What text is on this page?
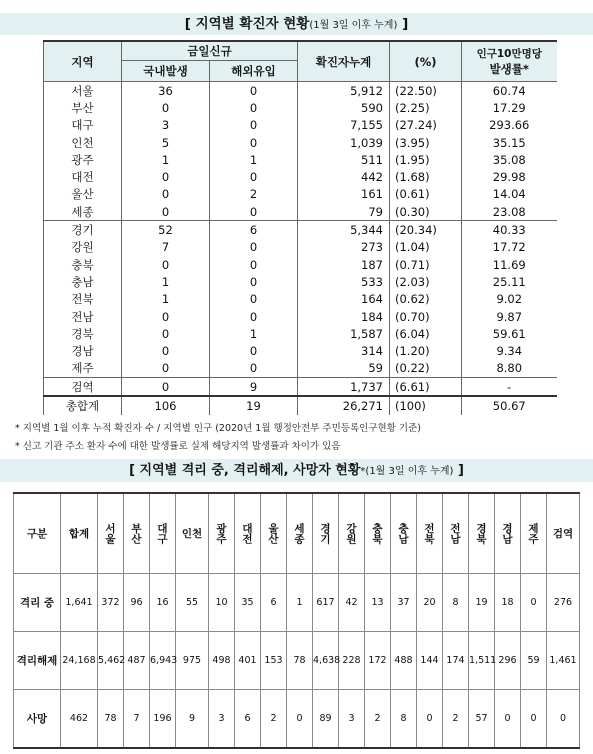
[ 지역별 확진자 현황(1월 3일 이후 누계) ]
지역	금일신규		확진자누계	(%)	인구10만명당
발생률*

	국내발생	해외유입			
서울	36	0	5,912	(22.50)	60.74
부산	0	0	590	(2.25)	17.29
대구	3	0	7,155	(27.24)	293.66
인천	5	0	1,039	(3.95)	35.15
광주	1	1	511	(1.95)	35.08
대전	0	0	442	(1.68)	29.98
울산	0	2	161	(0.61)	14.04
세종	0	0	79	(0.30)	23.08
경기	52	6	5,344	(20.34)	40.33
강원	7	0	273	(1.04)	17.72
충북	0	0	187	(0.71)	11.69
충남	1	0	533	(2.03)	25.11
전북	1	0	164	(0.62)	9.02
전남	0	0	184	(0.70)	9.87
경북	0	1	1,587	(6.04)	59.61
경남	0	0	314	(1.20)	9.34
제주	0	0	59	(0.22)	8.80
검역	0	9	1,737	(6.61)	-
총합계	106	19	26,271	(100)	50.67
* 지역별 1월 이후 누적 확진자 수 / 지역별 인구 (2020년 1월 행정안전부 주민등록인구현황 기준)
* 신고 기관 주소 환자 수에 대한 발생률로 실제 해당지역 발생률과 차이가 있음
[ 지역별 격리 중, 격리해제, 사망자 현황*(1월 3일 이후 누계) ]
구분	합계	서울	부산	대구	인천	광주	대전	울산	세종	경기	강원	충북	충남	전북	전남	경북	경남	제주	검역
격리 중	1,641	372	96	16	55	10	35	6	1	617	42	13	37	20	8	19	18	0	276
격리해제	24,168	5,462	487	6,943	975	498	401	153	78	4,638	228	172	488	144	174	1,511	296	59	1,461
사망	462	78	7	196	9	3	6	2	0	89	3	2	8	0	2	57	0	0	0
